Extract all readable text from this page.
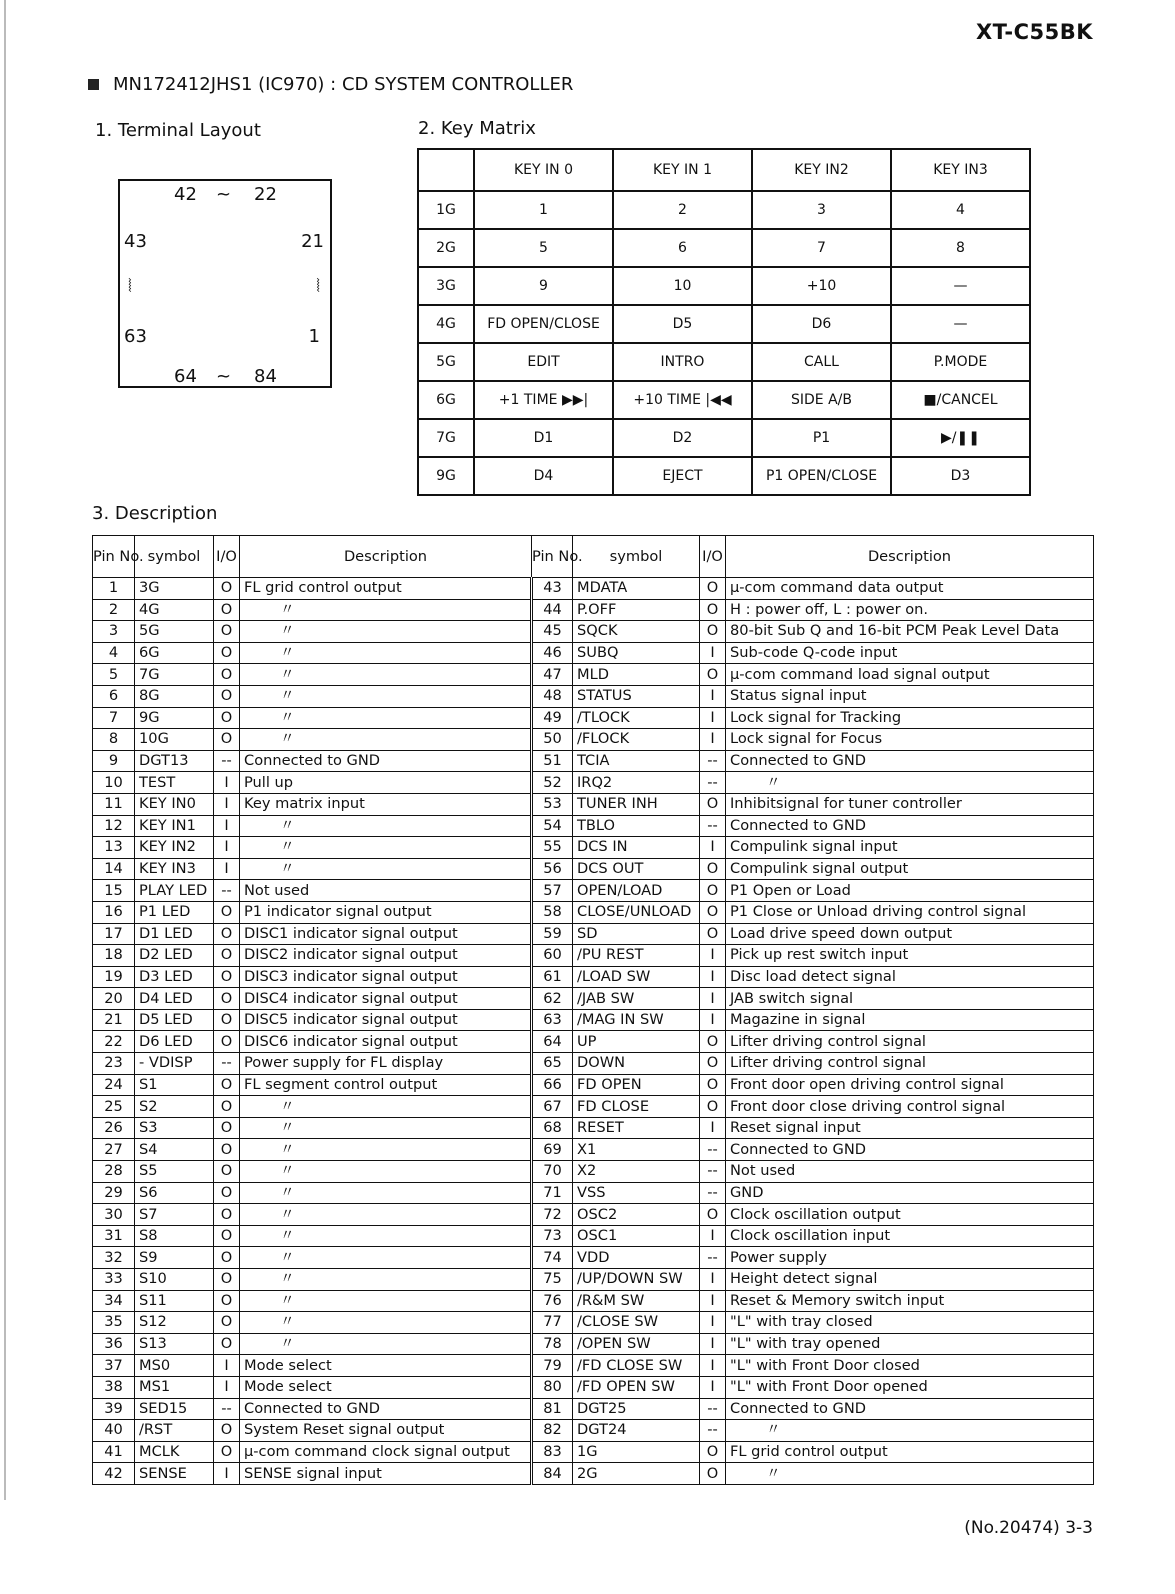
XT-C55BK
MN172412JHS1 (IC970) : CD SYSTEM CONTROLLER
1. Terminal Layout	2. Key Matrix
3. Description
42 ~ 22
43	21
⦚	⦚
63	1
64 ~ 84
	KEY IN 0	KEY IN 1	KEY IN2	KEY IN3
1G	1	2	3	4
2G	5	6	7	8
3G	9	10	+10	—
4G	FD OPEN/CLOSE	D5	D6	—
5G	EDIT	INTRO	CALL	P.MODE
6G	+1 TIME ▶▶|	+10 TIME |◀◀	SIDE A/B	■/CANCEL
7G	D1	D2	P1	▶/❚❚
9G	D4	EJECT	P1 OPEN/CLOSE	D3
Pin No.	symbol	I/O	Description	Pin No.	symbol	I/O	Description
1	3G	O	FL grid control output	43	MDATA	O	μ-com command data output
2	4G	O	〃	44	P.OFF	O	H : power off, L : power on.
3	5G	O	〃	45	SQCK	O	80-bit Sub Q and 16-bit PCM Peak Level Data
4	6G	O	〃	46	SUBQ	I	Sub-code Q-code input
5	7G	O	〃	47	MLD	O	μ-com command load signal output
6	8G	O	〃	48	STATUS	I	Status signal input
7	9G	O	〃	49	/TLOCK	I	Lock signal for Tracking
8	10G	O	〃	50	/FLOCK	I	Lock signal for Focus
9	DGT13	--	Connected to GND	51	TCIA	--	Connected to GND
10	TEST	I	Pull up	52	IRQ2	--	〃
11	KEY IN0	I	Key matrix input	53	TUNER INH	O	Inhibitsignal for tuner controller
12	KEY IN1	I	〃	54	TBLO	--	Connected to GND
13	KEY IN2	I	〃	55	DCS IN	I	Compulink signal input
14	KEY IN3	I	〃	56	DCS OUT	O	Compulink signal output
15	PLAY LED	--	Not used	57	OPEN/LOAD	O	P1 Open or Load
16	P1 LED	O	P1 indicator signal output	58	CLOSE/UNLOAD	O	P1 Close or Unload driving control signal
17	D1 LED	O	DISC1 indicator signal output	59	SD	O	Load drive speed down output
18	D2 LED	O	DISC2 indicator signal output	60	/PU REST	I	Pick up rest switch input
19	D3 LED	O	DISC3 indicator signal output	61	/LOAD SW	I	Disc load detect signal
20	D4 LED	O	DISC4 indicator signal output	62	/JAB SW	I	JAB switch signal
21	D5 LED	O	DISC5 indicator signal output	63	/MAG IN SW	I	Magazine in signal
22	D6 LED	O	DISC6 indicator signal output	64	UP	O	Lifter driving control signal
23	- VDISP	--	Power supply for FL display	65	DOWN	O	Lifter driving control signal
24	S1	O	FL segment control output	66	FD OPEN	O	Front door open driving control signal
25	S2	O	〃	67	FD CLOSE	O	Front door close driving control signal
26	S3	O	〃	68	RESET	I	Reset signal input
27	S4	O	〃	69	X1	--	Connected to GND
28	S5	O	〃	70	X2	--	Not used
29	S6	O	〃	71	VSS	--	GND
30	S7	O	〃	72	OSC2	O	Clock oscillation output
31	S8	O	〃	73	OSC1	I	Clock oscillation input
32	S9	O	〃	74	VDD	--	Power supply
33	S10	O	〃	75	/UP/DOWN SW	I	Height detect signal
34	S11	O	〃	76	/R&M SW	I	Reset & Memory switch input
35	S12	O	〃	77	/CLOSE SW	I	"L" with tray closed
36	S13	O	〃	78	/OPEN SW	I	"L" with tray opened
37	MS0	I	Mode select	79	/FD CLOSE SW	I	"L" with Front Door closed
38	MS1	I	Mode select	80	/FD OPEN SW	I	"L" with Front Door opened
39	SED15	--	Connected to GND	81	DGT25	--	Connected to GND
40	/RST	O	System Reset signal output	82	DGT24	--	〃
41	MCLK	O	μ-com command clock signal output	83	1G	O	FL grid control output
42	SENSE	I	SENSE signal input	84	2G	O	〃
(No.20474) 3-3
